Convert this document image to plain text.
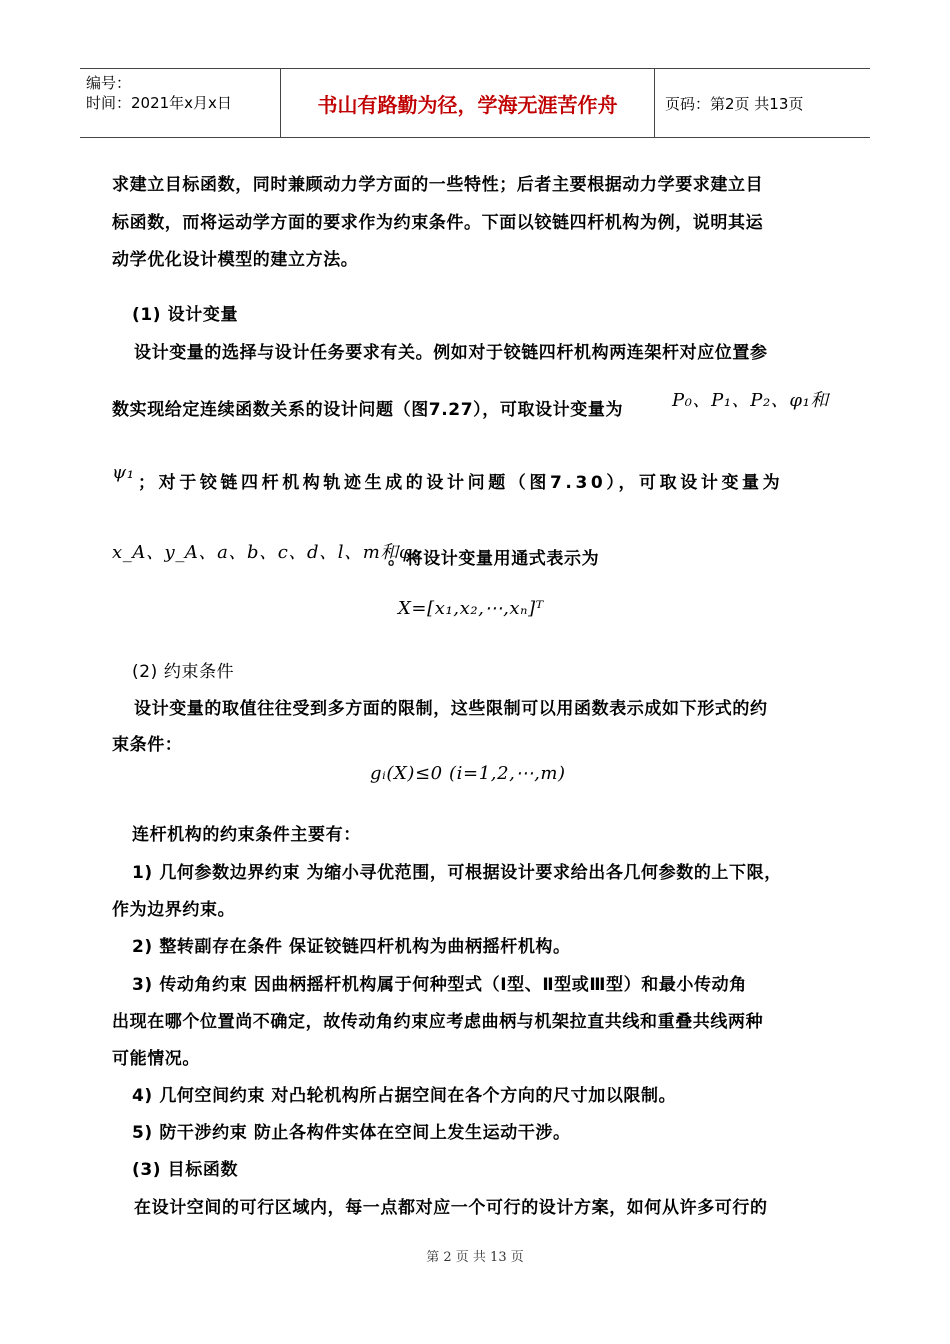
编号：
时间：2021年x月x日	书山有路勤为径，学海无涯苦作舟	页码：第2页 共13页
求建立目标函数，同时兼顾动力学方面的一些特性；后者主要根据动力学要求建立目
标函数，而将运动学方面的要求作为约束条件。下面以铰链四杆机构为例，说明其运
动学优化设计模型的建立方法。
(1) 设计变量
设计变量的选择与设计任务要求有关。例如对于铰链四杆机构两连架杆对应位置参
数实现给定连续函数关系的设计问题（图7.27），可取设计变量为	P₀、P₁、P₂、φ₁和
ψ₁ ；对于铰链四杆机构轨迹生成的设计问题（图7.30），可取设计变量为
x_A、y_A、a、b、c、d、l、m和φ₀
。将设计变量用通式表示为
X=[x₁,x₂,⋯,xₙ]ᵀ
(2) 约束条件
设计变量的取值往往受到多方面的限制，这些限制可以用函数表示成如下形式的约
束条件：
gᵢ(X)≤0 (i=1,2,⋯,m)
连杆机构的约束条件主要有：
1) 几何参数边界约束 为缩小寻优范围，可根据设计要求给出各几何参数的上下限，
作为边界约束。
2) 整转副存在条件 保证铰链四杆机构为曲柄摇杆机构。
3) 传动角约束 因曲柄摇杆机构属于何种型式（Ⅰ型、Ⅱ型或Ⅲ型）和最小传动角
出现在哪个位置尚不确定，故传动角约束应考虑曲柄与机架拉直共线和重叠共线两种
可能情况。
4) 几何空间约束 对凸轮机构所占据空间在各个方向的尺寸加以限制。
5) 防干涉约束 防止各构件实体在空间上发生运动干涉。
(3) 目标函数
在设计空间的可行区域内，每一点都对应一个可行的设计方案，如何从许多可行的
第 2 页 共 13 页
